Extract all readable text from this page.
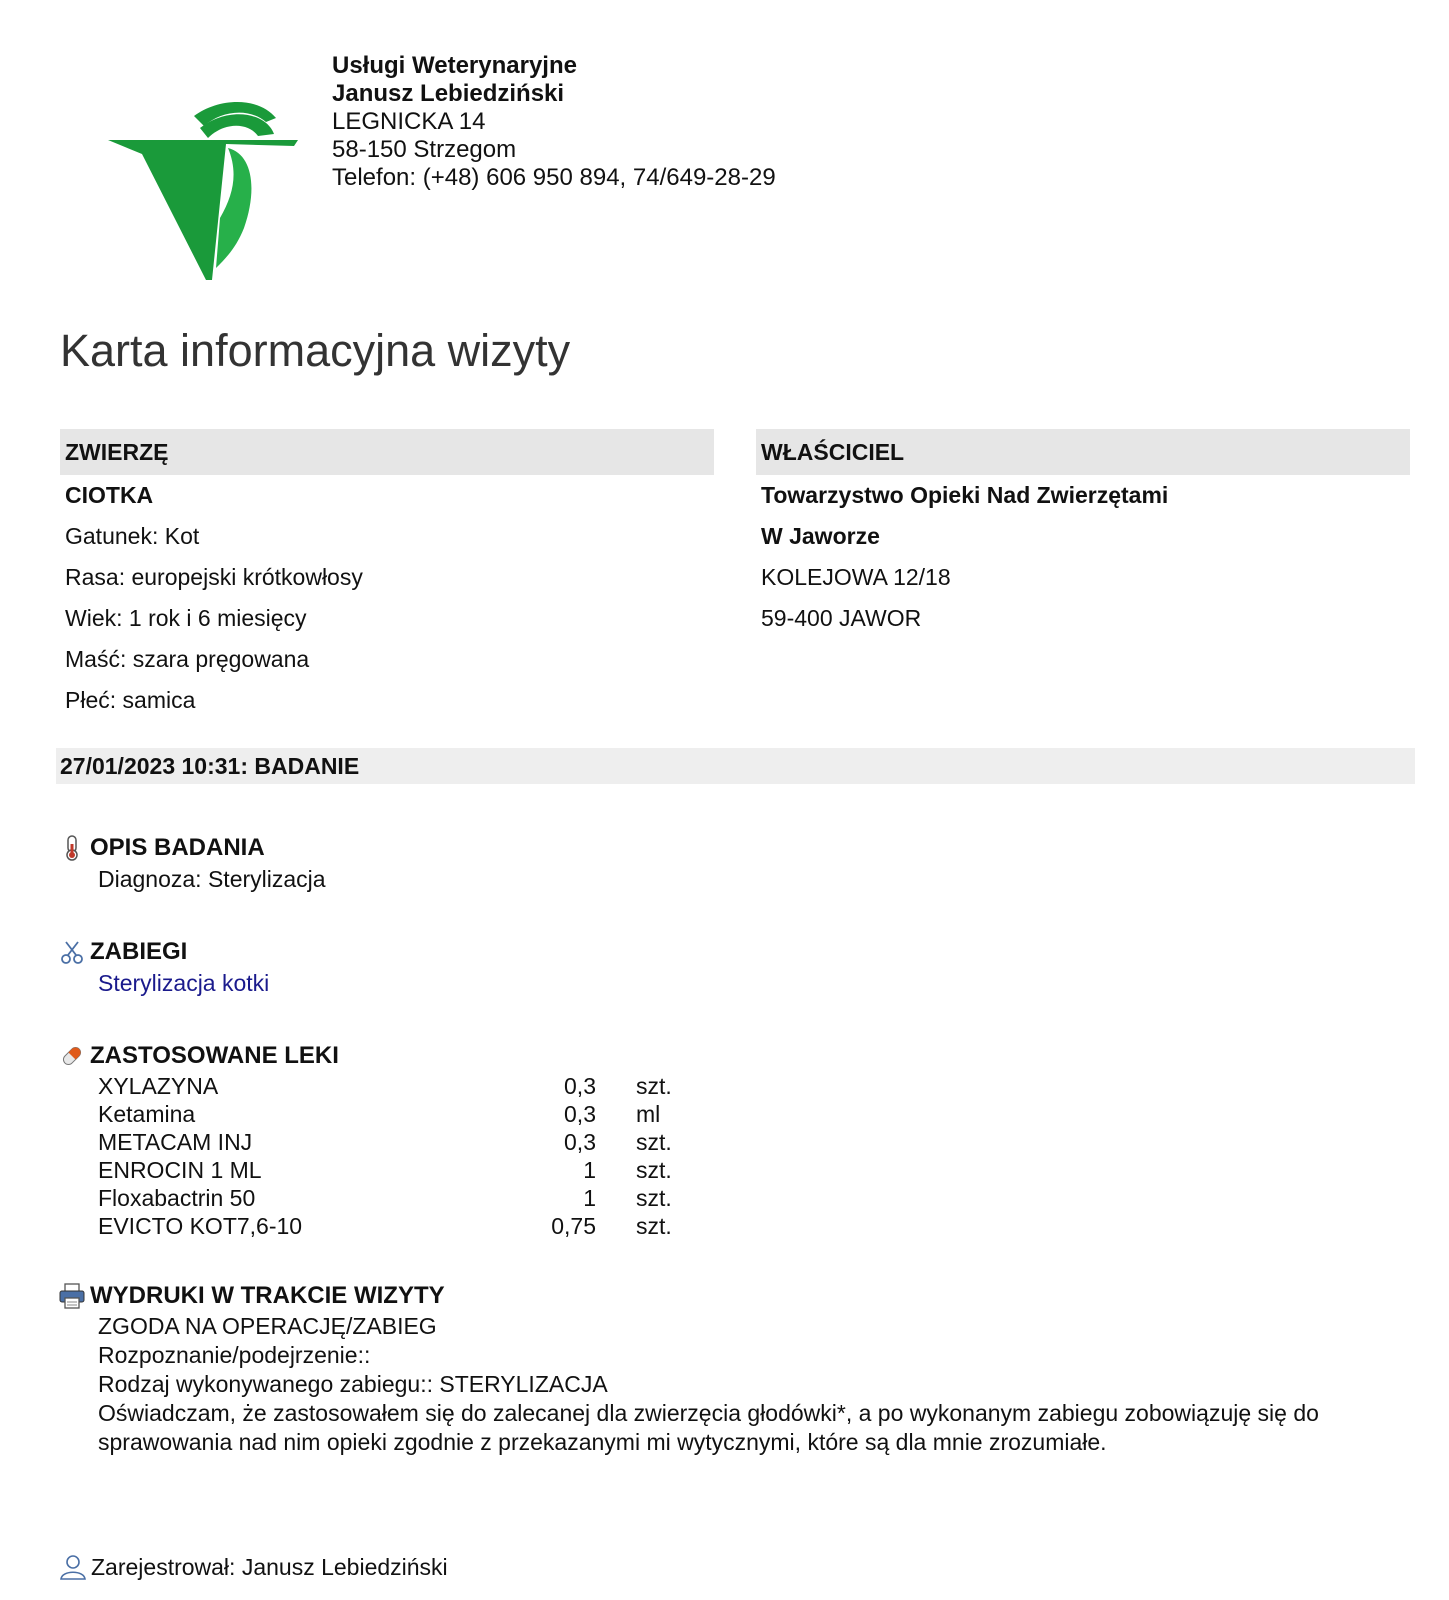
Usługi Weterynaryjne
Janusz Lebiedziński
LEGNICKA 14
58-150 Strzegom
Telefon: (+48) 606 950 894, 74/649-28-29
Karta informacyjna wizyty
ZWIERZĘ
CIOTKA
Gatunek: Kot
Rasa: europejski krótkowłosy
Wiek: 1 rok i 6 miesięcy
Maść: szara pręgowana
Płeć: samica
WŁAŚCICIEL
Towarzystwo Opieki Nad Zwierzętami
W Jaworze
KOLEJOWA 12/18
59-400 JAWOR
27/01/2023 10:31: BADANIE
OPIS BADANIA
Diagnoza: Sterylizacja
ZABIEGI
Sterylizacja kotki
ZASTOSOWANE LEKI
XYLAZYNA	0,3	szt.
Ketamina	0,3	ml
METACAM INJ	0,3	szt.
ENROCIN 1 ML	1	szt.
Floxabactrin 50	1	szt.
EVICTO KOT7,6-10	0,75	szt.
WYDRUKI W TRAKCIE WIZYTY
ZGODA NA OPERACJĘ/ZABIEG
Rozpoznanie/podejrzenie::
Rodzaj wykonywanego zabiegu:: STERYLIZACJA
Oświadczam, że zastosowałem się do zalecanej dla zwierzęcia głodówki*, a po wykonanym zabiegu zobowiązuję się do sprawowania nad nim opieki zgodnie z przekazanymi mi wytycznymi, które są dla mnie zrozumiałe.
Zarejestrował: Janusz Lebiedziński
